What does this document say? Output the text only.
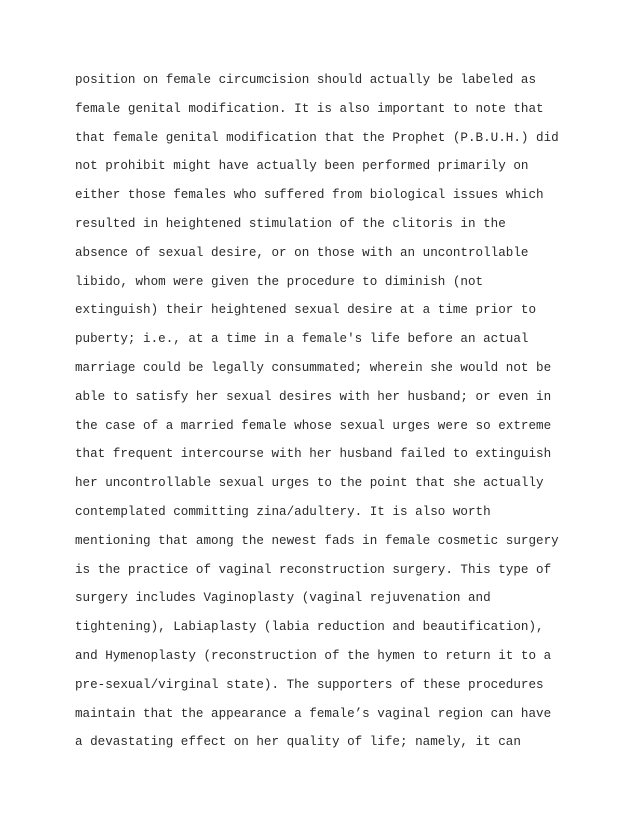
position on female circumcision should actually be labeled as
female genital modification. It is also important to note that
that female genital modification that the Prophet (P.B.U.H.) did
not prohibit might have actually been performed primarily on
either those females who suffered from biological issues which
resulted in heightened stimulation of the clitoris in the
absence of sexual desire, or on those with an uncontrollable
libido, whom were given the procedure to diminish (not
extinguish) their heightened sexual desire at a time prior to
puberty; i.e., at a time in a female's life before an actual
marriage could be legally consummated; wherein she would not be
able to satisfy her sexual desires with her husband; or even in
the case of a married female whose sexual urges were so extreme
that frequent intercourse with her husband failed to extinguish
her uncontrollable sexual urges to the point that she actually
contemplated committing zina/adultery. It is also worth
mentioning that among the newest fads in female cosmetic surgery
is the practice of vaginal reconstruction surgery. This type of
surgery includes Vaginoplasty (vaginal rejuvenation and
tightening), Labiaplasty (labia reduction and beautification),
and Hymenoplasty (reconstruction of the hymen to return it to a
pre-sexual/virginal state). The supporters of these procedures
maintain that the appearance a female’s vaginal region can have
a devastating effect on her quality of life; namely, it can
